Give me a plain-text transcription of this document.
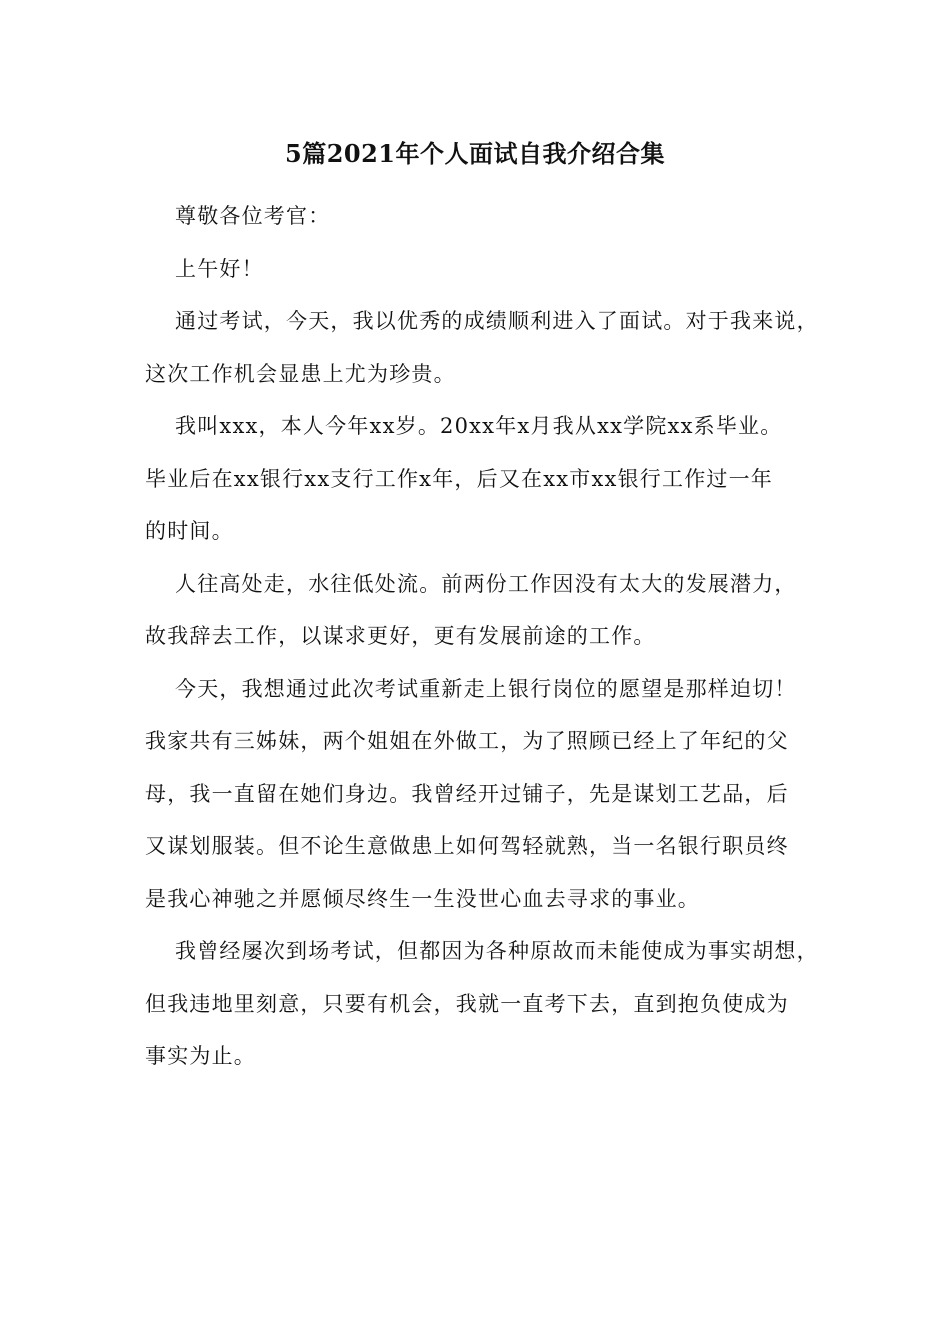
5篇2021年个人面试自我介绍合集
尊敬各位考官：
上午好！
通过考试，今天，我以优秀的成绩顺利进入了面试。对于我来说，
这次工作机会显患上尤为珍贵。
我叫xxx，本人今年xx岁。20xx年x月我从xx学院xx系毕业。
毕业后在xx银行xx支行工作x年，后又在xx市xx银行工作过一年
的时间。
人往高处走，水往低处流。前两份工作因没有太大的发展潜力，
故我辞去工作，以谋求更好，更有发展前途的工作。
今天，我想通过此次考试重新走上银行岗位的愿望是那样迫切！
我家共有三姊妹，两个姐姐在外做工，为了照顾已经上了年纪的父
母，我一直留在她们身边。我曾经开过铺子，先是谋划工艺品，后
又谋划服装。但不论生意做患上如何驾轻就熟，当一名银行职员终
是我心神驰之并愿倾尽终生一生没世心血去寻求的事业。
我曾经屡次到场考试，但都因为各种原故而未能使成为事实胡想，
但我违地里刻意，只要有机会，我就一直考下去，直到抱负使成为
事实为止。
